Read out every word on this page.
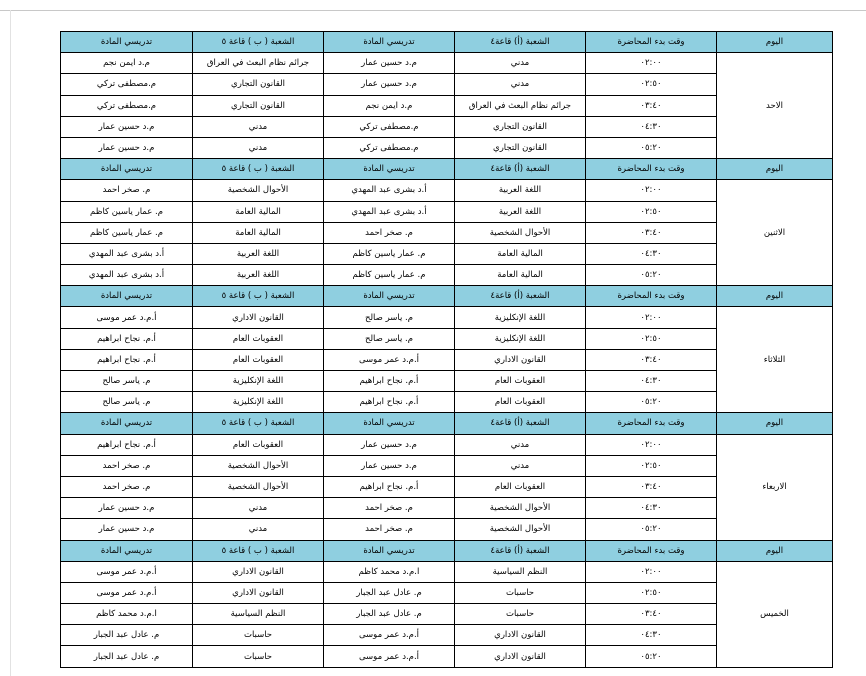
اليوم	وقت بدء المحاضرة	الشعبة (أ) قاعة٤	تدريسي المادة	الشعبة ( ب ) قاعة ٥	تدريسي المادة	
الاحد	٠٢:٠٠	مدني	م.د حسين عمار	جرائم نظام البعث في العراق	م.د ايمن نجم	
	٠٢:٥٠	مدني	م.د حسين عمار	القانون التجاري	م.مصطفى تركي	
	٠٣:٤٠	جرائم نظام البعث في العراق	م.د ايمن نجم	القانون التجاري	م.مصطفى تركي	
	٠٤:٣٠	القانون التجاري	م.مصطفى تركي	مدني	م.د حسين عمار	
	٠٥:٢٠	القانون التجاري	م.مصطفى تركي	مدني	م.د حسين عمار	
اليوم	وقت بدء المحاضرة	الشعبة (أ) قاعة٤	تدريسي المادة	الشعبة ( ب ) قاعة ٥	تدريسي المادة	
الاثنين	٠٢:٠٠	اللغة العربية	أ.د بشرى عبد المهدي	الأحوال الشخصية	م. صخر احمد	
	٠٢:٥٠	اللغة العربية	أ.د بشرى عبد المهدي	المالية العامة	م. عمار ياسين كاظم	
	٠٣:٤٠	الأحوال الشخصية	م. صخر احمد	المالية العامة	م. عمار ياسين كاظم	
	٠٤:٣٠	المالية العامة	م. عمار ياسين كاظم	اللغة العربية	أ.د بشرى عبد المهدي	
	٠٥:٢٠	المالية العامة	م. عمار ياسين كاظم	اللغة العربية	أ.د بشرى عبد المهدي	
اليوم	وقت بدء المحاضرة	الشعبة (أ) قاعة٤	تدريسي المادة	الشعبة ( ب ) قاعة ٥	تدريسي المادة	
الثلاثاء	٠٢:٠٠	اللغة الإنكليزية	م. ياسر صالح	القانون الاداري	أ.م.د عمر موسى	
	٠٢:٥٠	اللغة الإنكليزية	م. ياسر صالح	العقوبات العام	أ.م. نجاح ابراهيم	
	٠٣:٤٠	القانون الاداري	أ.م.د عمر موسى	العقوبات العام	أ.م. نجاح ابراهيم	
	٠٤:٣٠	العقوبات العام	أ.م. نجاح ابراهيم	اللغة الإنكليزية	م. ياسر صالح	
	٠٥:٢٠	العقوبات العام	أ.م. نجاح ابراهيم	اللغة الإنكليزية	م. ياسر صالح	
اليوم	وقت بدء المحاضرة	الشعبة (أ) قاعة٤	تدريسي المادة	الشعبة ( ب ) قاعة ٥	تدريسي المادة	
الاربعاء	٠٢:٠٠	مدني	م.د حسين عمار	العقوبات العام	أ.م. نجاح ابراهيم	
	٠٢:٥٠	مدني	م.د حسين عمار	الأحوال الشخصية	م. صخر احمد	
	٠٣:٤٠	العقوبات العام	أ.م. نجاح ابراهيم	الأحوال الشخصية	م. صخر احمد	
	٠٤:٣٠	الأحوال الشخصية	م. صخر احمد	مدني	م.د حسين عمار	
	٠٥:٢٠	الأحوال الشخصية	م. صخر احمد	مدني	م.د حسين عمار	
اليوم	وقت بدء المحاضرة	الشعبة (أ) قاعة٤	تدريسي المادة	الشعبة ( ب ) قاعة ٥	تدريسي المادة	
الخميس	٠٢:٠٠	النظم السياسية	ا.م.د محمد كاظم	القانون الاداري	أ.م.د عمر موسى	
	٠٢:٥٠	حاسبات	م. عادل عبد الجبار	القانون الاداري	أ.م.د عمر موسى	
	٠٣:٤٠	حاسبات	م. عادل عبد الجبار	النظم السياسية	ا.م.د محمد كاظم	
	٠٤:٣٠	القانون الاداري	أ.م.د عمر موسى	حاسبات	م. عادل عبد الجبار	
	٠٥:٢٠	القانون الاداري	أ.م.د عمر موسى	حاسبات	م. عادل عبد الجبار	
